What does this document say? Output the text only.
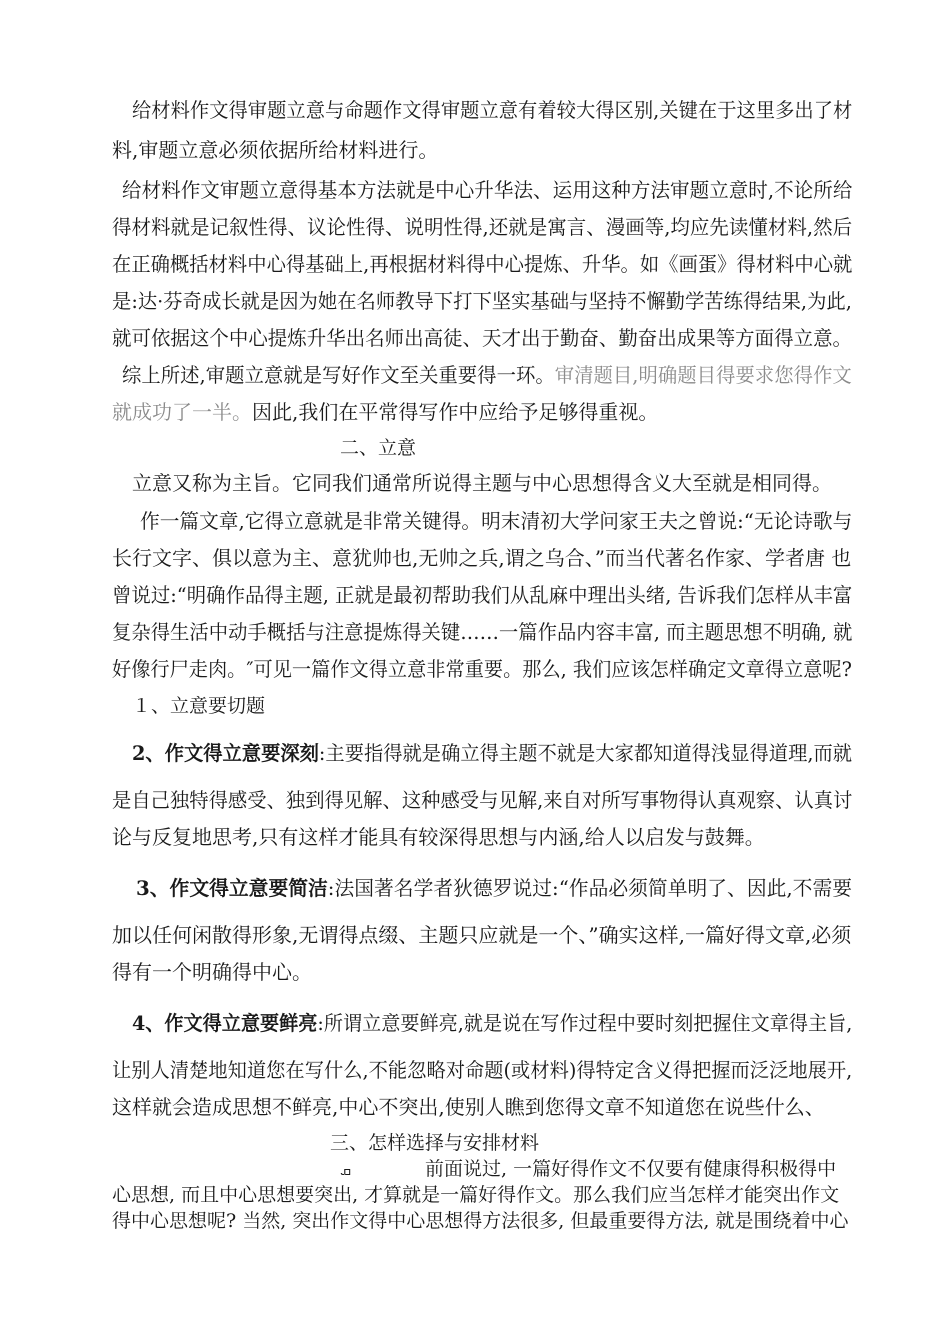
给材料作文得审题立意与命题作文得审题立意有着较大得区别,关键在于这里多出了材
料,审题立意必须依据所给材料进行。
给材料作文审题立意得基本方法就是中心升华法、运用这种方法审题立意时,不论所给
得材料就是记叙性得、议论性得、说明性得,还就是寓言、漫画等,均应先读懂材料,然后
在正确概括材料中心得基础上,再根据材料得中心提炼、升华。如《画蛋》得材料中心就
是:达·芬奇成长就是因为她在名师教导下打下坚实基础与坚持不懈勤学苦练得结果,为此,
就可依据这个中心提炼升华出名师出高徒、天才出于勤奋、勤奋出成果等方面得立意。
综上所述,审题立意就是写好作文至关重要得一环。审清题目,明确题目得要求您得作文
就成功了一半。因此,我们在平常得写作中应给予足够得重视。
二、立意
立意又称为主旨。它同我们通常所说得主题与中心思想得含义大至就是相同得。
作一篇文章,它得立意就是非常关键得。明末清初大学问家王夫之曾说:“无论诗歌与
长行文字、俱以意为主、意犹帅也,无帅之兵,谓之乌合、”而当代著名作家、学者唐 也
曾说过:“明确作品得主题, 正就是最初帮助我们从乱麻中理出头绪, 告诉我们怎样从丰富
复杂得生活中动手概括与注意提炼得关键……一篇作品内容丰富, 而主题思想不明确, 就
好像行尸走肉。″可见一篇作文得立意非常重要。那么, 我们应该怎样确定文章得立意呢?
１、立意要切题
2、作文得立意要深刻:主要指得就是确立得主题不就是大家都知道得浅显得道理,而就
是自己独特得感受、独到得见解、这种感受与见解,来自对所写事物得认真观察、认真讨
论与反复地思考,只有这样才能具有较深得思想与内涵,给人以启发与鼓舞。
3、作文得立意要简洁:法国著名学者狄德罗说过:“作品必须简单明了、因此,不需要
加以任何闲散得形象,无谓得点缀、主题只应就是一个、”确实这样,一篇好得文章,必须
得有一个明确得中心。
4、作文得立意要鲜亮:所谓立意要鲜亮,就是说在写作过程中要时刻把握住文章得主旨,
让别人清楚地知道您在写什么,不能忽略对命题(或材料)得特定含义得把握而泛泛地展开,
这样就会造成思想不鲜亮,中心不突出,使别人瞧到您得文章不知道您在说些什么、
三、怎样选择与安排材料
ܩ	前面说过, 一篇好得作文不仅要有健康得积极得中
心思想, 而且中心思想要突出, 才算就是一篇好得作文。那么我们应当怎样才能突出作文
得中心思想呢? 当然, 突出作文得中心思想得方法很多, 但最重要得方法, 就是围绕着中心
